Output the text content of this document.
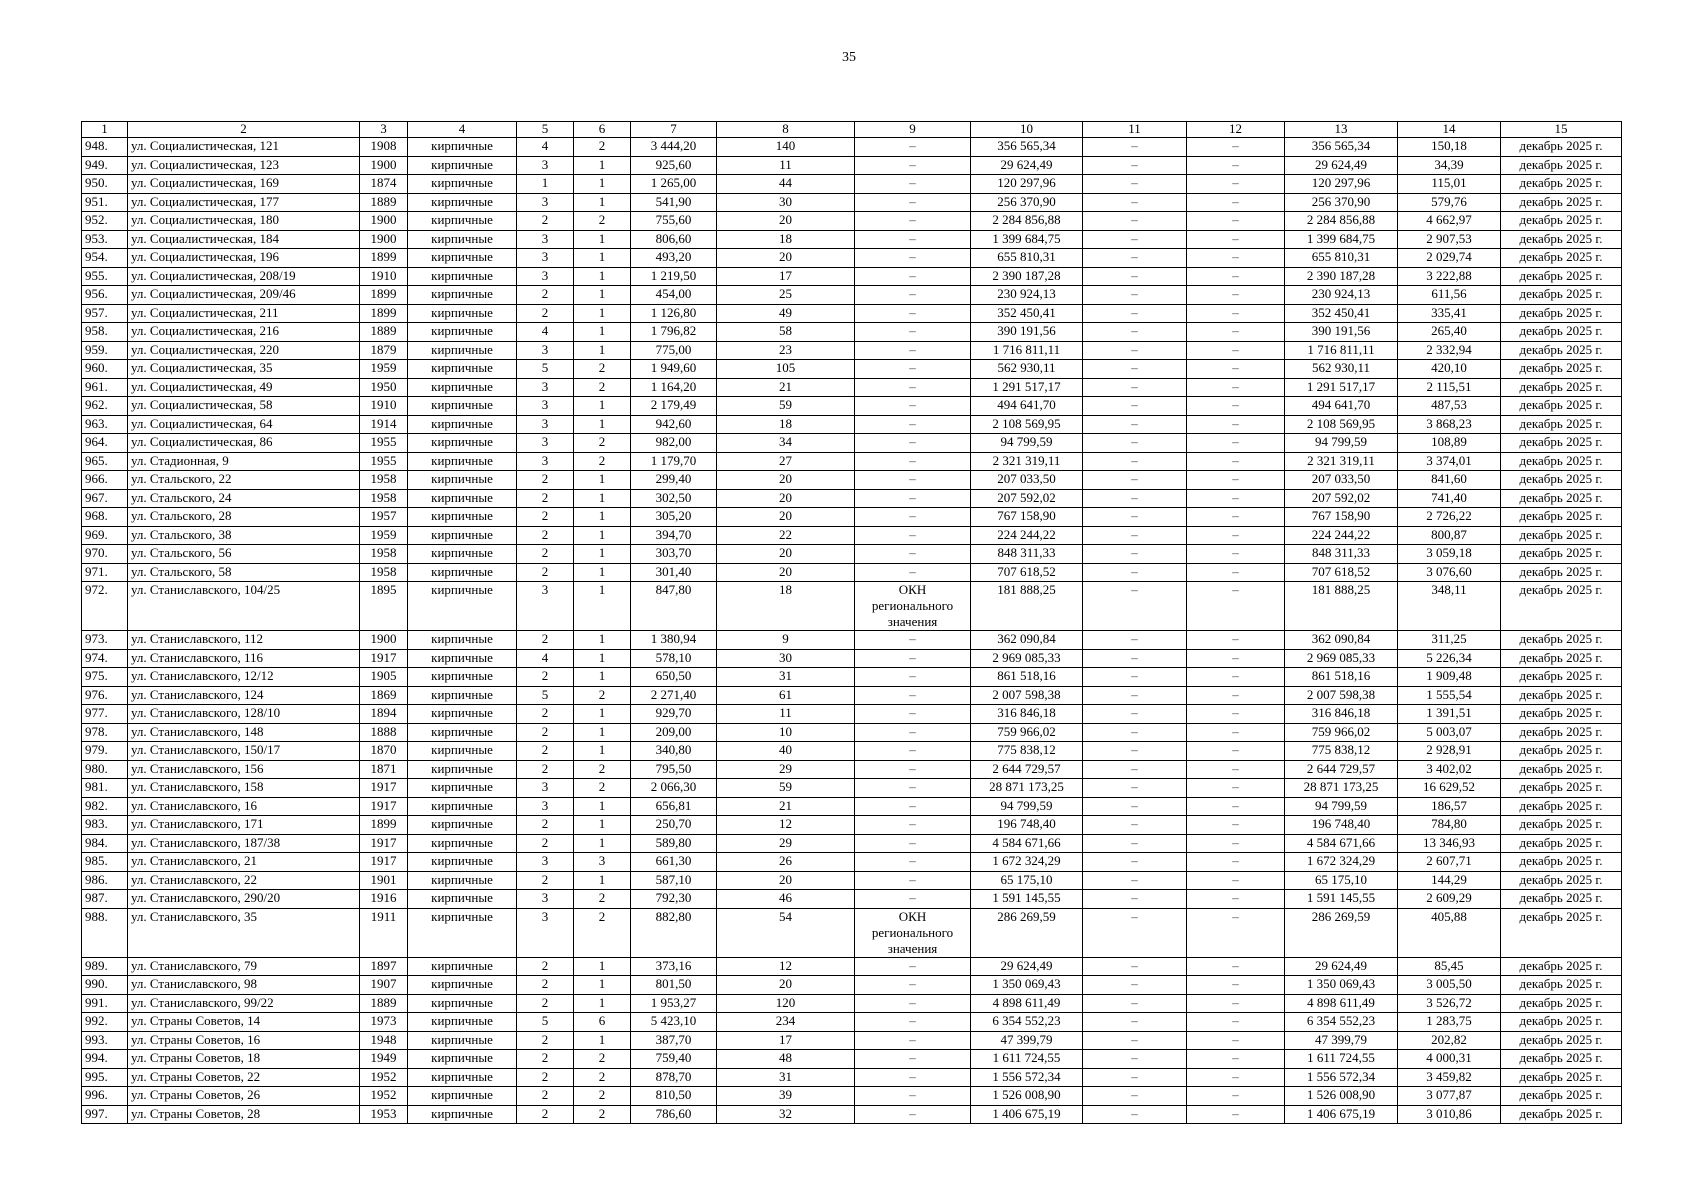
35
1	2	3	4	5	6	7	8	9	10	11	12	13	14	15
948.	ул. Социалистическая, 121	1908	кирпичные	4	2	3 444,20	140	–	356 565,34	–	–	356 565,34	150,18	декабрь 2025 г.
949.	ул. Социалистическая, 123	1900	кирпичные	3	1	925,60	11	–	29 624,49	–	–	29 624,49	34,39	декабрь 2025 г.
950.	ул. Социалистическая, 169	1874	кирпичные	1	1	1 265,00	44	–	120 297,96	–	–	120 297,96	115,01	декабрь 2025 г.
951.	ул. Социалистическая, 177	1889	кирпичные	3	1	541,90	30	–	256 370,90	–	–	256 370,90	579,76	декабрь 2025 г.
952.	ул. Социалистическая, 180	1900	кирпичные	2	2	755,60	20	–	2 284 856,88	–	–	2 284 856,88	4 662,97	декабрь 2025 г.
953.	ул. Социалистическая, 184	1900	кирпичные	3	1	806,60	18	–	1 399 684,75	–	–	1 399 684,75	2 907,53	декабрь 2025 г.
954.	ул. Социалистическая, 196	1899	кирпичные	3	1	493,20	20	–	655 810,31	–	–	655 810,31	2 029,74	декабрь 2025 г.
955.	ул. Социалистическая, 208/19	1910	кирпичные	3	1	1 219,50	17	–	2 390 187,28	–	–	2 390 187,28	3 222,88	декабрь 2025 г.
956.	ул. Социалистическая, 209/46	1899	кирпичные	2	1	454,00	25	–	230 924,13	–	–	230 924,13	611,56	декабрь 2025 г.
957.	ул. Социалистическая, 211	1899	кирпичные	2	1	1 126,80	49	–	352 450,41	–	–	352 450,41	335,41	декабрь 2025 г.
958.	ул. Социалистическая, 216	1889	кирпичные	4	1	1 796,82	58	–	390 191,56	–	–	390 191,56	265,40	декабрь 2025 г.
959.	ул. Социалистическая, 220	1879	кирпичные	3	1	775,00	23	–	1 716 811,11	–	–	1 716 811,11	2 332,94	декабрь 2025 г.
960.	ул. Социалистическая, 35	1959	кирпичные	5	2	1 949,60	105	–	562 930,11	–	–	562 930,11	420,10	декабрь 2025 г.
961.	ул. Социалистическая, 49	1950	кирпичные	3	2	1 164,20	21	–	1 291 517,17	–	–	1 291 517,17	2 115,51	декабрь 2025 г.
962.	ул. Социалистическая, 58	1910	кирпичные	3	1	2 179,49	59	–	494 641,70	–	–	494 641,70	487,53	декабрь 2025 г.
963.	ул. Социалистическая, 64	1914	кирпичные	3	1	942,60	18	–	2 108 569,95	–	–	2 108 569,95	3 868,23	декабрь 2025 г.
964.	ул. Социалистическая, 86	1955	кирпичные	3	2	982,00	34	–	94 799,59	–	–	94 799,59	108,89	декабрь 2025 г.
965.	ул. Стадионная, 9	1955	кирпичные	3	2	1 179,70	27	–	2 321 319,11	–	–	2 321 319,11	3 374,01	декабрь 2025 г.
966.	ул. Стальского, 22	1958	кирпичные	2	1	299,40	20	–	207 033,50	–	–	207 033,50	841,60	декабрь 2025 г.
967.	ул. Стальского, 24	1958	кирпичные	2	1	302,50	20	–	207 592,02	–	–	207 592,02	741,40	декабрь 2025 г.
968.	ул. Стальского, 28	1957	кирпичные	2	1	305,20	20	–	767 158,90	–	–	767 158,90	2 726,22	декабрь 2025 г.
969.	ул. Стальского, 38	1959	кирпичные	2	1	394,70	22	–	224 244,22	–	–	224 244,22	800,87	декабрь 2025 г.
970.	ул. Стальского, 56	1958	кирпичные	2	1	303,70	20	–	848 311,33	–	–	848 311,33	3 059,18	декабрь 2025 г.
971.	ул. Стальского, 58	1958	кирпичные	2	1	301,40	20	–	707 618,52	–	–	707 618,52	3 076,60	декабрь 2025 г.
972.	ул. Станиславского, 104/25	1895	кирпичные	3	1	847,80	18	ОКН регионального значения	181 888,25	–	–	181 888,25	348,11	декабрь 2025 г.
973.	ул. Станиславского, 112	1900	кирпичные	2	1	1 380,94	9	–	362 090,84	–	–	362 090,84	311,25	декабрь 2025 г.
974.	ул. Станиславского, 116	1917	кирпичные	4	1	578,10	30	–	2 969 085,33	–	–	2 969 085,33	5 226,34	декабрь 2025 г.
975.	ул. Станиславского, 12/12	1905	кирпичные	2	1	650,50	31	–	861 518,16	–	–	861 518,16	1 909,48	декабрь 2025 г.
976.	ул. Станиславского, 124	1869	кирпичные	5	2	2 271,40	61	–	2 007 598,38	–	–	2 007 598,38	1 555,54	декабрь 2025 г.
977.	ул. Станиславского, 128/10	1894	кирпичные	2	1	929,70	11	–	316 846,18	–	–	316 846,18	1 391,51	декабрь 2025 г.
978.	ул. Станиславского, 148	1888	кирпичные	2	1	209,00	10	–	759 966,02	–	–	759 966,02	5 003,07	декабрь 2025 г.
979.	ул. Станиславского, 150/17	1870	кирпичные	2	1	340,80	40	–	775 838,12	–	–	775 838,12	2 928,91	декабрь 2025 г.
980.	ул. Станиславского, 156	1871	кирпичные	2	2	795,50	29	–	2 644 729,57	–	–	2 644 729,57	3 402,02	декабрь 2025 г.
981.	ул. Станиславского, 158	1917	кирпичные	3	2	2 066,30	59	–	28 871 173,25	–	–	28 871 173,25	16 629,52	декабрь 2025 г.
982.	ул. Станиславского, 16	1917	кирпичные	3	1	656,81	21	–	94 799,59	–	–	94 799,59	186,57	декабрь 2025 г.
983.	ул. Станиславского, 171	1899	кирпичные	2	1	250,70	12	–	196 748,40	–	–	196 748,40	784,80	декабрь 2025 г.
984.	ул. Станиславского, 187/38	1917	кирпичные	2	1	589,80	29	–	4 584 671,66	–	–	4 584 671,66	13 346,93	декабрь 2025 г.
985.	ул. Станиславского, 21	1917	кирпичные	3	3	661,30	26	–	1 672 324,29	–	–	1 672 324,29	2 607,71	декабрь 2025 г.
986.	ул. Станиславского, 22	1901	кирпичные	2	1	587,10	20	–	65 175,10	–	–	65 175,10	144,29	декабрь 2025 г.
987.	ул. Станиславского, 290/20	1916	кирпичные	3	2	792,30	46	–	1 591 145,55	–	–	1 591 145,55	2 609,29	декабрь 2025 г.
988.	ул. Станиславского, 35	1911	кирпичные	3	2	882,80	54	ОКН регионального значения	286 269,59	–	–	286 269,59	405,88	декабрь 2025 г.
989.	ул. Станиславского, 79	1897	кирпичные	2	1	373,16	12	–	29 624,49	–	–	29 624,49	85,45	декабрь 2025 г.
990.	ул. Станиславского, 98	1907	кирпичные	2	1	801,50	20	–	1 350 069,43	–	–	1 350 069,43	3 005,50	декабрь 2025 г.
991.	ул. Станиславского, 99/22	1889	кирпичные	2	1	1 953,27	120	–	4 898 611,49	–	–	4 898 611,49	3 526,72	декабрь 2025 г.
992.	ул. Страны Советов, 14	1973	кирпичные	5	6	5 423,10	234	–	6 354 552,23	–	–	6 354 552,23	1 283,75	декабрь 2025 г.
993.	ул. Страны Советов, 16	1948	кирпичные	2	1	387,70	17	–	47 399,79	–	–	47 399,79	202,82	декабрь 2025 г.
994.	ул. Страны Советов, 18	1949	кирпичные	2	2	759,40	48	–	1 611 724,55	–	–	1 611 724,55	4 000,31	декабрь 2025 г.
995.	ул. Страны Советов, 22	1952	кирпичные	2	2	878,70	31	–	1 556 572,34	–	–	1 556 572,34	3 459,82	декабрь 2025 г.
996.	ул. Страны Советов, 26	1952	кирпичные	2	2	810,50	39	–	1 526 008,90	–	–	1 526 008,90	3 077,87	декабрь 2025 г.
997.	ул. Страны Советов, 28	1953	кирпичные	2	2	786,60	32	–	1 406 675,19	–	–	1 406 675,19	3 010,86	декабрь 2025 г.
